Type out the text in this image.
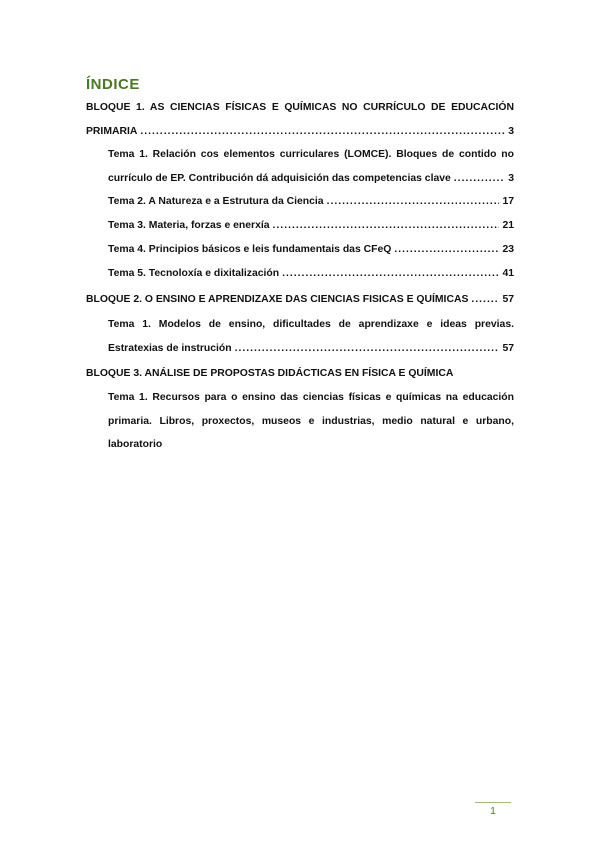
ÍNDICE
BLOQUE 1. AS CIENCIAS FÍSICAS E QUÍMICAS NO CURRÍCULO DE EDUCACIÓN
PRIMARIA .....	3
Tema 1. Relación cos elementos curriculares (LOMCE). Bloques de contido no
currículo de EP. Contribución dá adquisición das competencias clave .....	3
Tema 2. A Natureza e a Estrutura da Ciencia .....	17
Tema 3. Materia, forzas e enerxía .....	21
Tema 4. Principios básicos e leis fundamentais das CFeQ .....	23
Tema 5. Tecnoloxía e dixitalización .....	41
BLOQUE 2. O ENSINO E APRENDIZAXE DAS CIENCIAS FISICAS E QUÍMICAS .....	57
Tema 1. Modelos de ensino, dificultades de aprendizaxe e ideas previas.
Estratexias de instrución .....	57
BLOQUE 3. ANÁLISE DE PROPOSTAS DIDÁCTICAS EN FÍSICA E QUÍMICA
Tema 1. Recursos para o ensino das ciencias físicas e químicas na educación
primaria. Libros, proxectos, museos e industrias, medio natural e urbano,
laboratorio
1
